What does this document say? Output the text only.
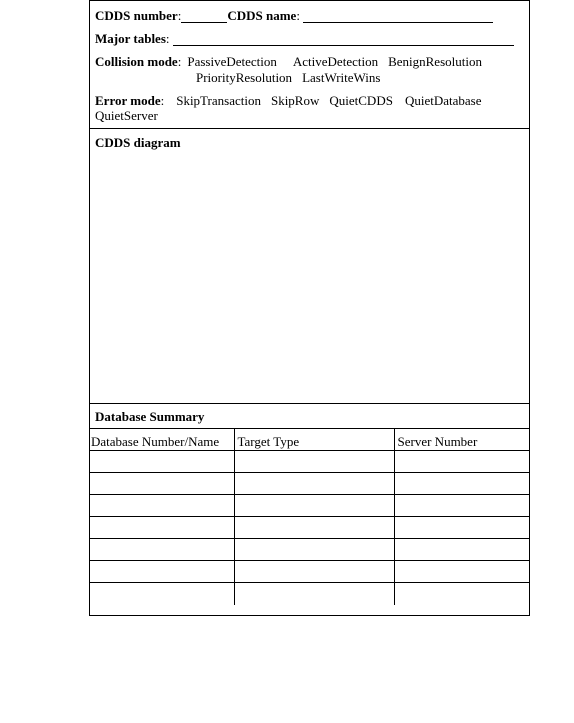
CDDS number:	CDDS name:
Major tables:
Collision mode: PassiveDetection ActiveDetection BenignResolution
PriorityResolution LastWriteWins
Error mode: SkipTransaction SkipRow QuietCDDS QuietDatabase
QuietServer
CDDS diagram
Database Summary
Database Number/Name	Target Type	Server Number
